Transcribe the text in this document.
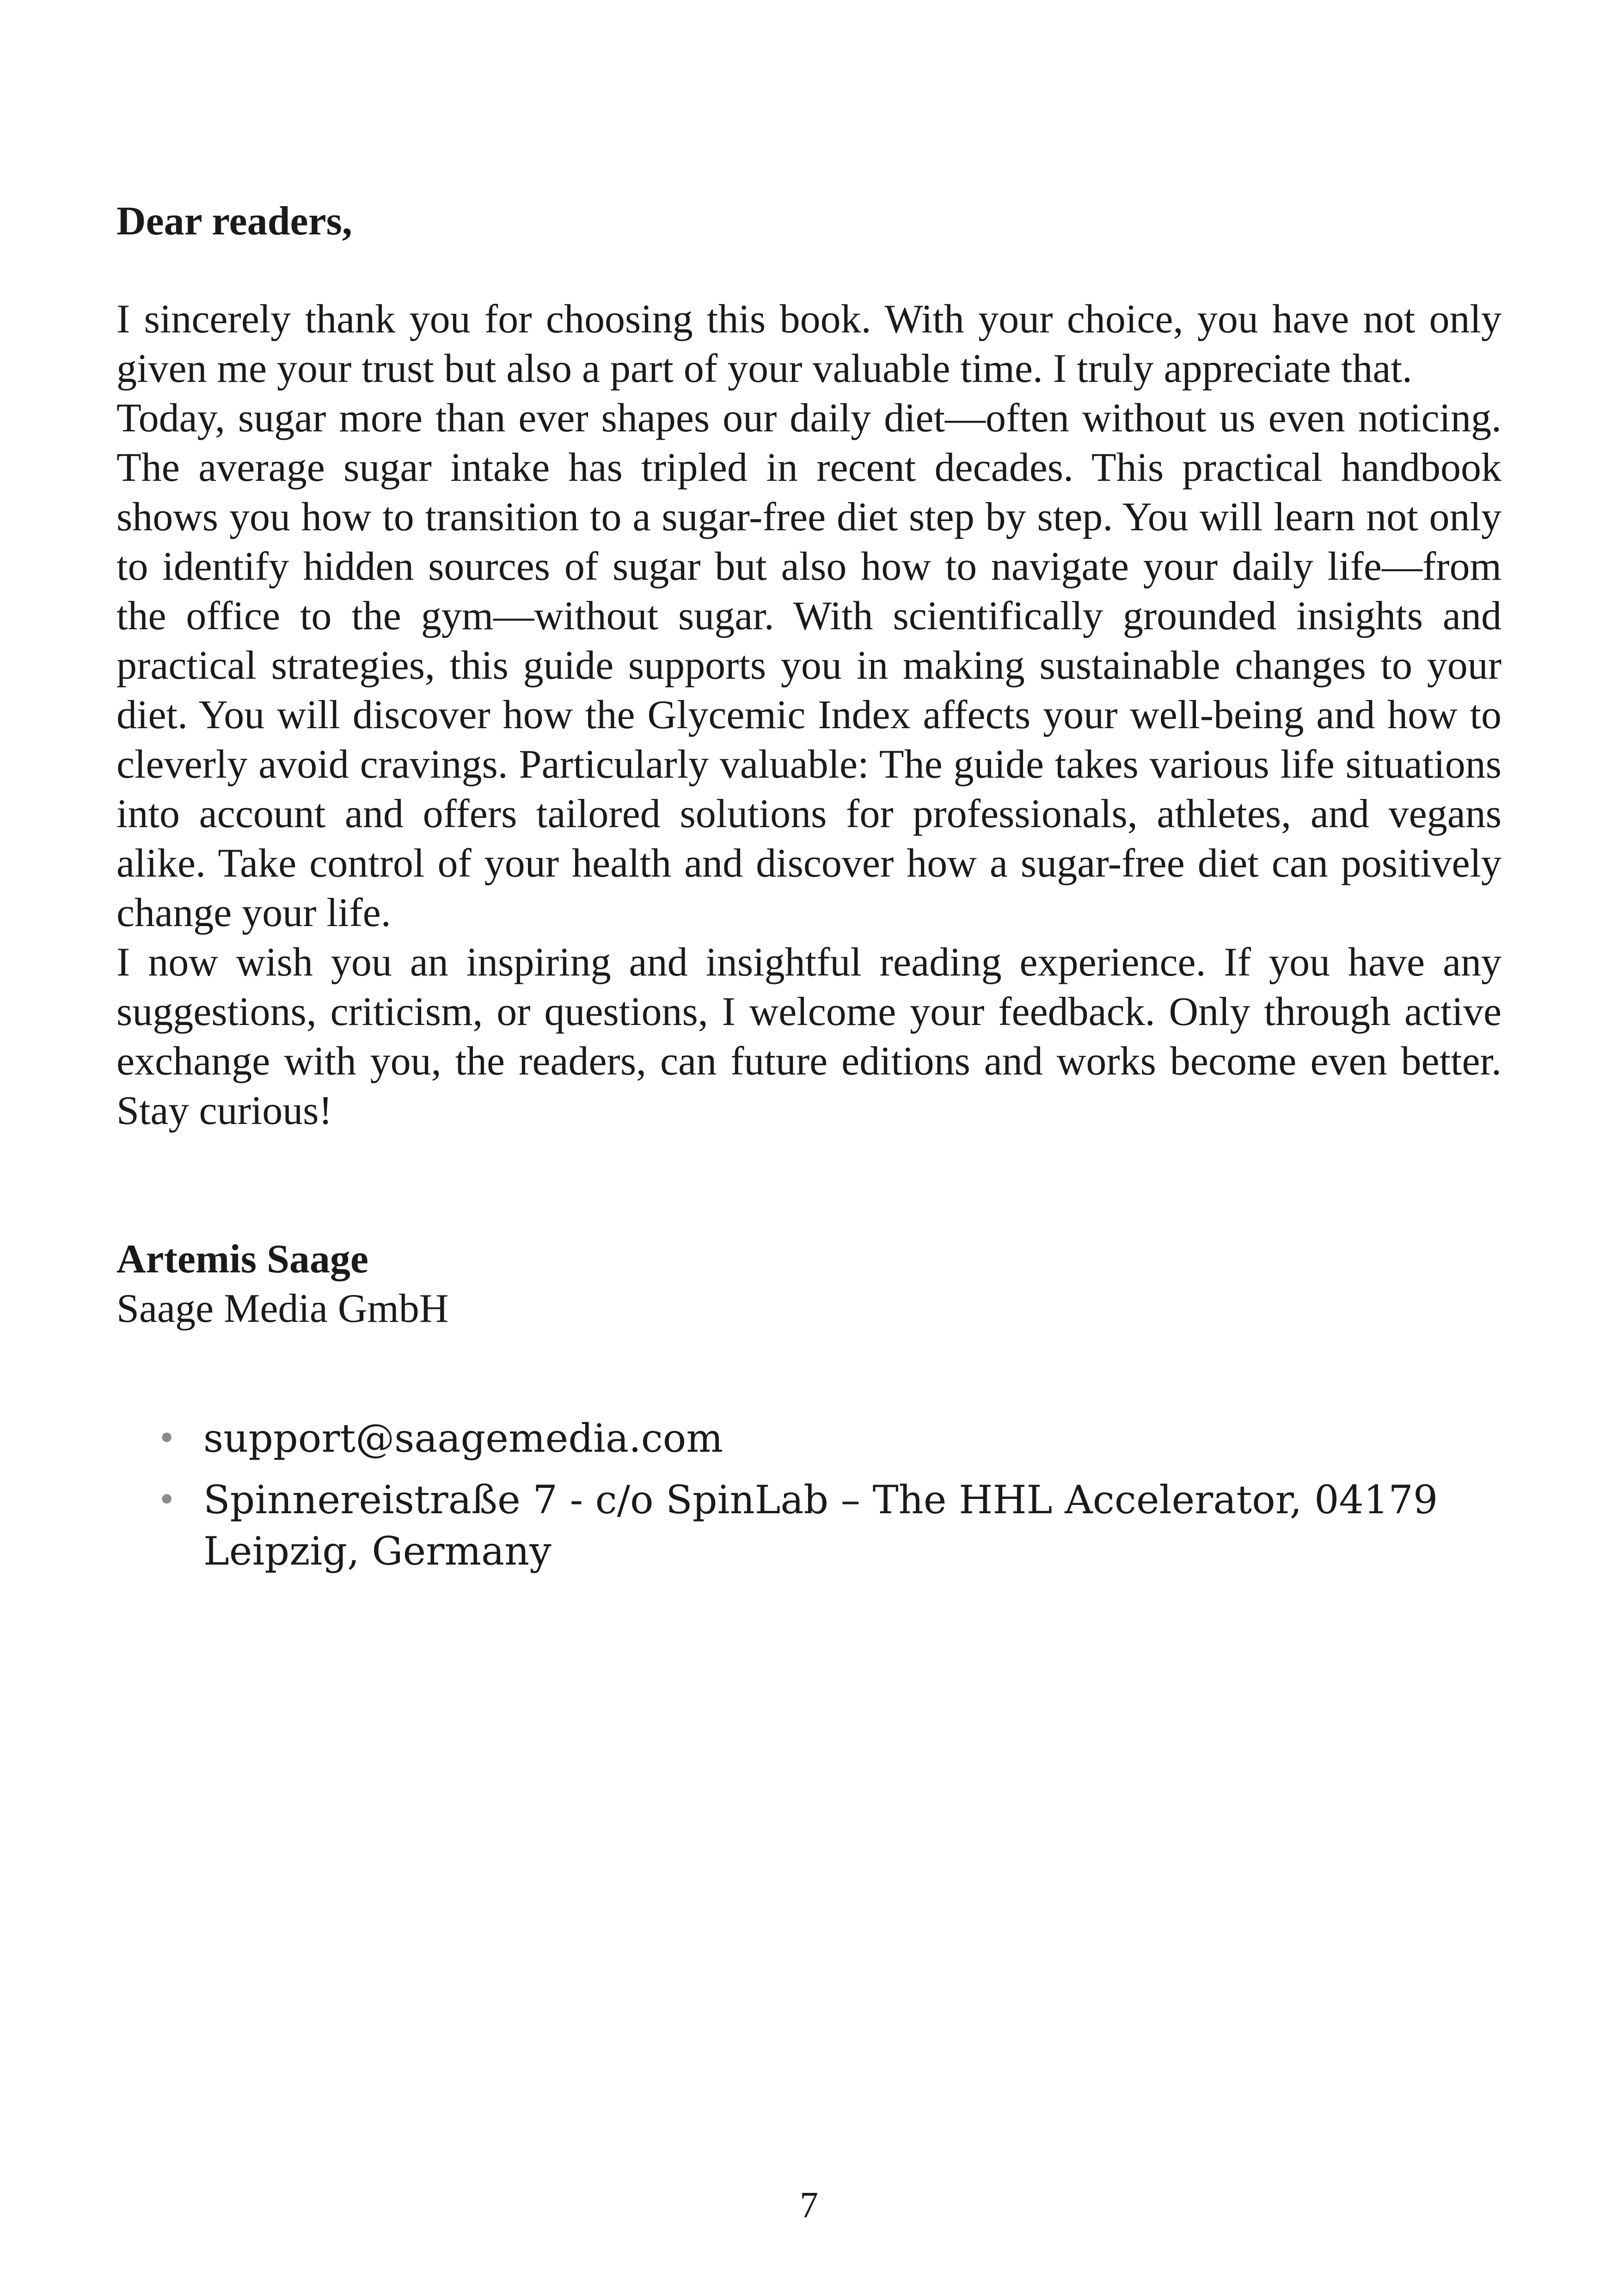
Dear readers,

I sincerely thank you for choosing this book. With your choice, you have not only given me your trust but also a part of your valuable time. I truly appreciate that.

Today, sugar more than ever shapes our daily diet—often without us even noticing. The average sugar intake has tripled in recent decades. This practical handbook shows you how to transition to a sugar-free diet step by step. You will learn not only to identify hidden sources of sugar but also how to navigate your daily life—from the office to the gym—without sugar. With scientifically grounded insights and practical strategies, this guide supports you in making sustainable changes to your diet. You will discover how the Glycemic Index affects your well-being and how to cleverly avoid cravings. Particularly valuable: The guide takes various life situations into account and offers tailored solutions for professionals, athletes, and vegans alike. Take control of your health and discover how a sugar-free diet can positively change your life.

I now wish you an inspiring and insightful reading experience. If you have any suggestions, criticism, or questions, I welcome your feedback. Only through active exchange with you, the readers, can future editions and works become even better. Stay curious!

Artemis Saage
Saage Media GmbH
• support@saagemedia.com
• Spinnereistraße 7 - c/o SpinLab – The HHL Accelerator, 04179 Leipzig, Germany
7
